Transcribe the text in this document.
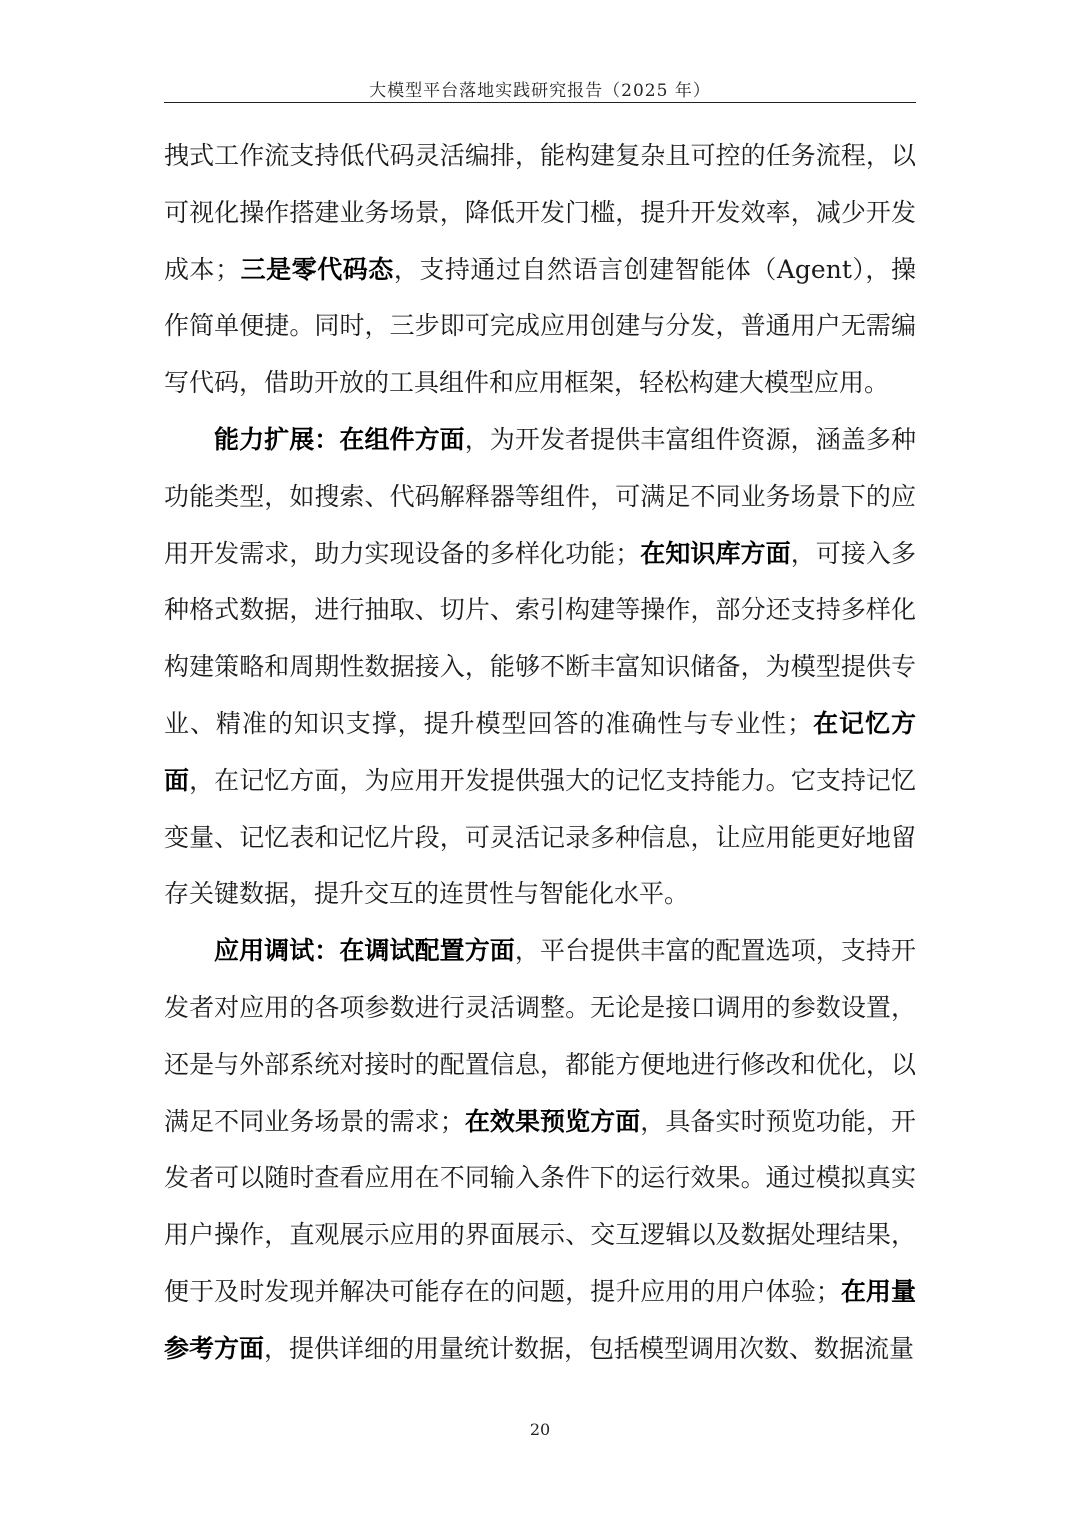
大模型平台落地实践研究报告（2025 年）

拽式工作流支持低代码灵活编排，能构建复杂且可控的任务流程，以可视化操作搭建业务场景，降低开发门槛，提升开发效率，减少开发成本；三是零代码态，支持通过自然语言创建智能体（Agent），操作简单便捷。同时，三步即可完成应用创建与分发，普通用户无需编写代码，借助开放的工具组件和应用框架，轻松构建大模型应用。

能力扩展：在组件方面，为开发者提供丰富组件资源，涵盖多种功能类型，如搜索、代码解释器等组件，可满足不同业务场景下的应用开发需求，助力实现设备的多样化功能；在知识库方面，可接入多种格式数据，进行抽取、切片、索引构建等操作，部分还支持多样化构建策略和周期性数据接入，能够不断丰富知识储备，为模型提供专业、精准的知识支撑，提升模型回答的准确性与专业性；在记忆方面，在记忆方面，为应用开发提供强大的记忆支持能力。它支持记忆变量、记忆表和记忆片段，可灵活记录多种信息，让应用能更好地留存关键数据，提升交互的连贯性与智能化水平。

应用调试：在调试配置方面，平台提供丰富的配置选项，支持开发者对应用的各项参数进行灵活调整。无论是接口调用的参数设置，还是与外部系统对接时的配置信息，都能方便地进行修改和优化，以满足不同业务场景的需求；在效果预览方面，具备实时预览功能，开发者可以随时查看应用在不同输入条件下的运行效果。通过模拟真实用户操作，直观展示应用的界面展示、交互逻辑以及数据处理结果，便于及时发现并解决可能存在的问题，提升应用的用户体验；在用量参考方面，提供详细的用量统计数据，包括模型调用次数、数据流量

20
